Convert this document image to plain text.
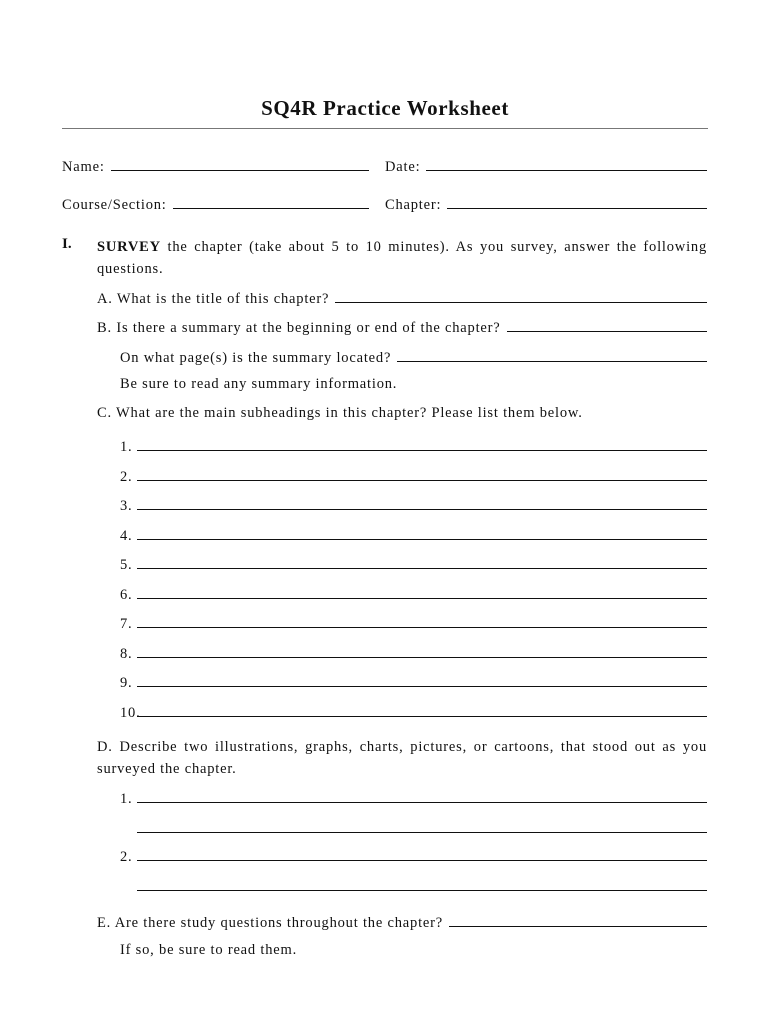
SQ4R Practice Worksheet
Name:	Date:
Course/Section:	Chapter:
I. SURVEY the chapter (take about 5 to 10 minutes). As you survey, answer the following questions.
A. What is the title of this chapter?
B. Is there a summary at the beginning or end of the chapter?
On what page(s) is the summary located?
Be sure to read any summary information.
C. What are the main subheadings in this chapter? Please list them below.
1.
2.
3.
4.
5.
6.
7.
8.
9.
10.
D. Describe two illustrations, graphs, charts, pictures, or cartoons, that stood out as you surveyed the chapter.
1.
2.
E. Are there study questions throughout the chapter?
If so, be sure to read them.
